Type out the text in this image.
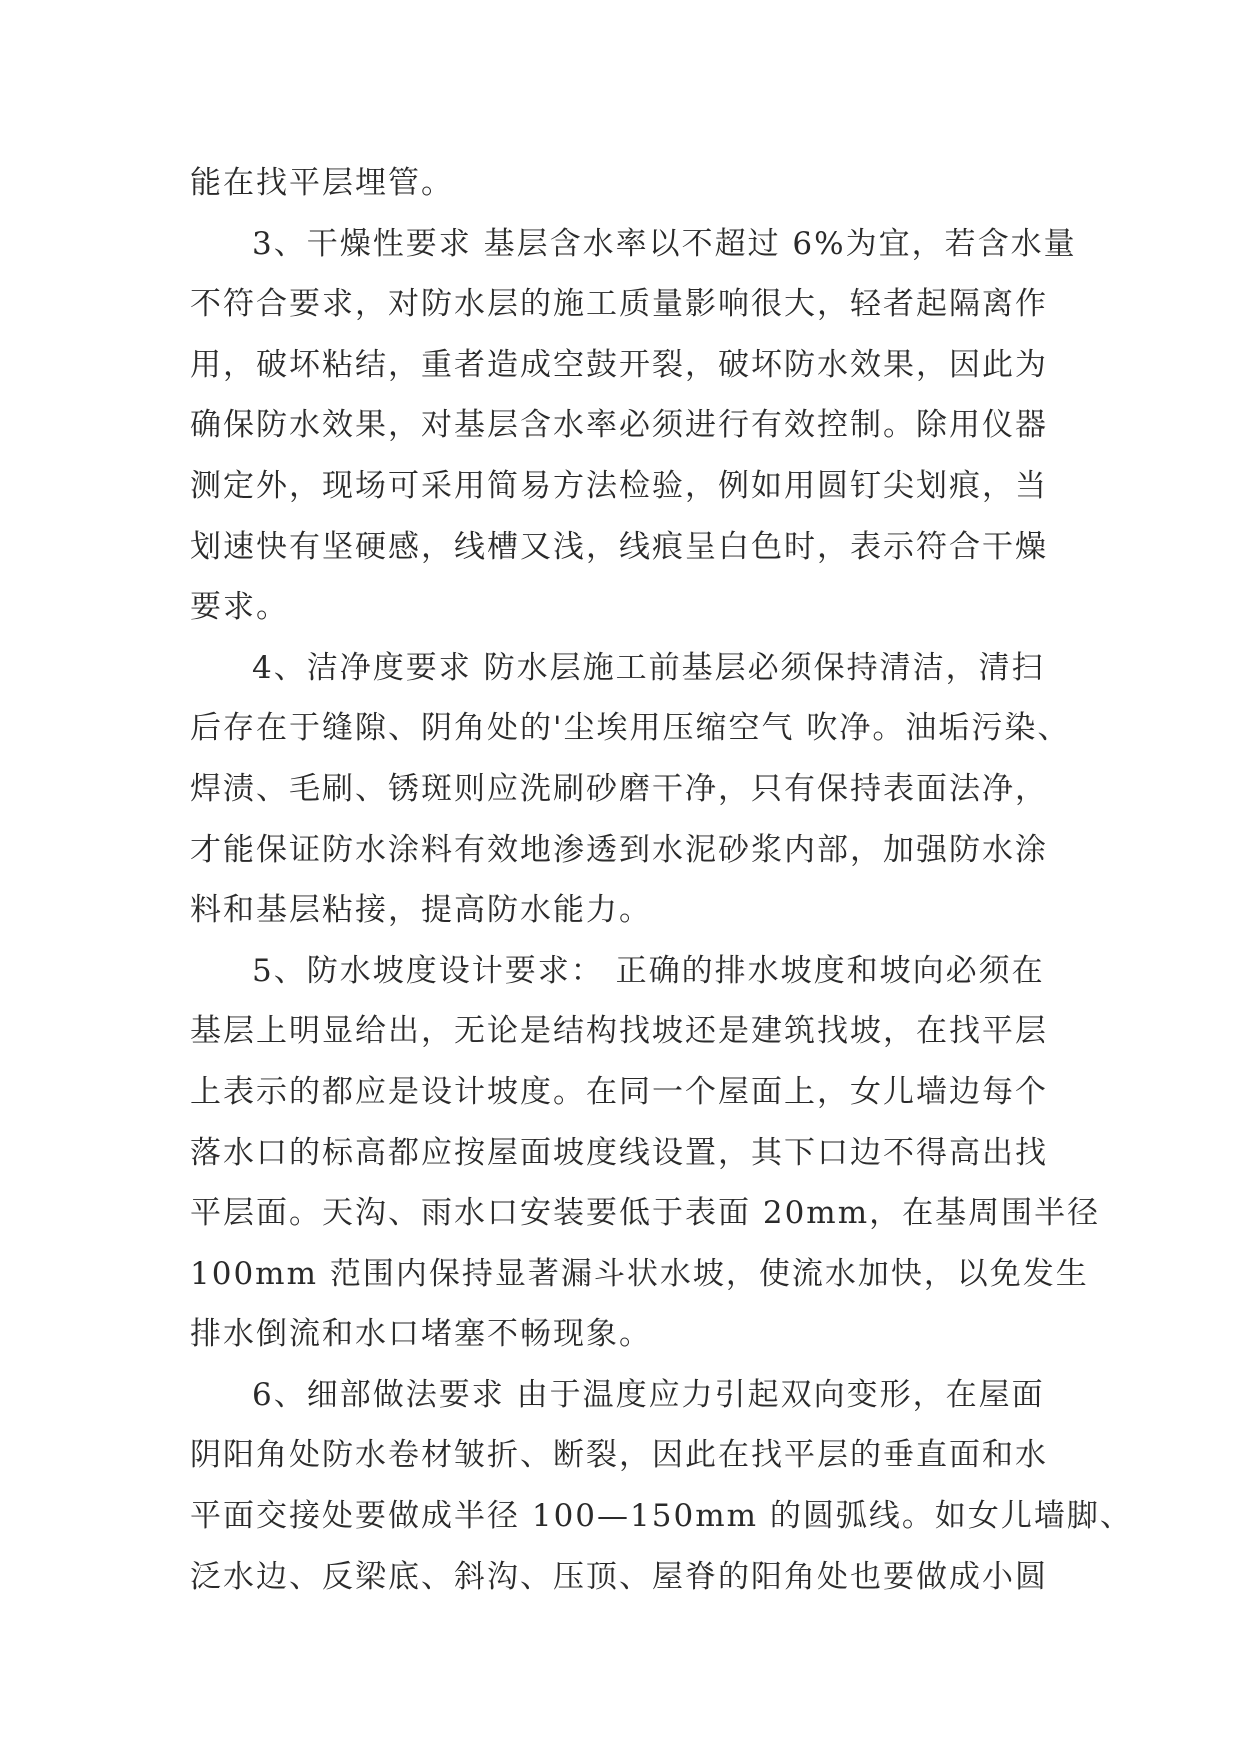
能在找平层埋管。
3、干燥性要求 基层含水率以不超过 6%为宜，若含水量
不符合要求，对防水层的施工质量影响很大，轻者起隔离作
用，破坏粘结，重者造成空鼓开裂，破坏防水效果，因此为
确保防水效果，对基层含水率必须进行有效控制。除用仪器
测定外，现场可采用简易方法检验，例如用圆钉尖划痕，当
划速快有坚硬感，线槽又浅，线痕呈白色时，表示符合干燥
要求。
4、洁净度要求 防水层施工前基层必须保持清洁，清扫
后存在于缝隙、阴角处的'尘埃用压缩空气 吹净。油垢污染、
焊渍、毛刷、锈斑则应洗刷砂磨干净，只有保持表面法净，
才能保证防水涂料有效地渗透到水泥砂浆内部，加强防水涂
料和基层粘接，提高防水能力。
5、防水坡度设计要求： 正确的排水坡度和坡向必须在
基层上明显给出，无论是结构找坡还是建筑找坡，在找平层
上表示的都应是设计坡度。在同一个屋面上，女儿墙边每个
落水口的标高都应按屋面坡度线设置，其下口边不得高出找
平层面。天沟、雨水口安装要低于表面 20mm，在基周围半径
100mm 范围内保持显著漏斗状水坡，使流水加快，以免发生
排水倒流和水口堵塞不畅现象。
6、细部做法要求 由于温度应力引起双向变形，在屋面
阴阳角处防水卷材皱折、断裂，因此在找平层的垂直面和水
平面交接处要做成半径 100—150mm 的圆弧线。如女儿墙脚、
泛水边、反梁底、斜沟、压顶、屋脊的阳角处也要做成小圆
